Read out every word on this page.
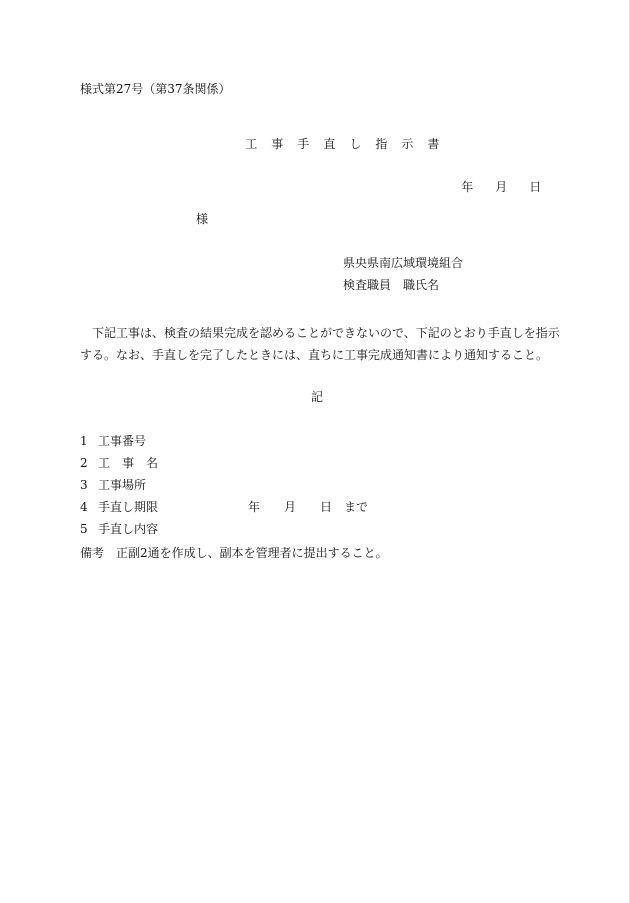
様式第27号（第37条関係）

工 事 手 直 し 指 示 書

年 月 日

様
県央県南広域環境組合
検査職員　職氏名
　下記工事は、検査の結果完成を認めることができないので、下記のとおり手直しを指示
する。なお、手直しを完了したときには、直ちに工事完成通知書により通知すること。
記

1 工事番号

2 工　事　名

3 工事場所

4 手直し期限

	年 月 日 まで

5 手直し内容

備考　正副2通を作成し、副本を管理者に提出すること。
